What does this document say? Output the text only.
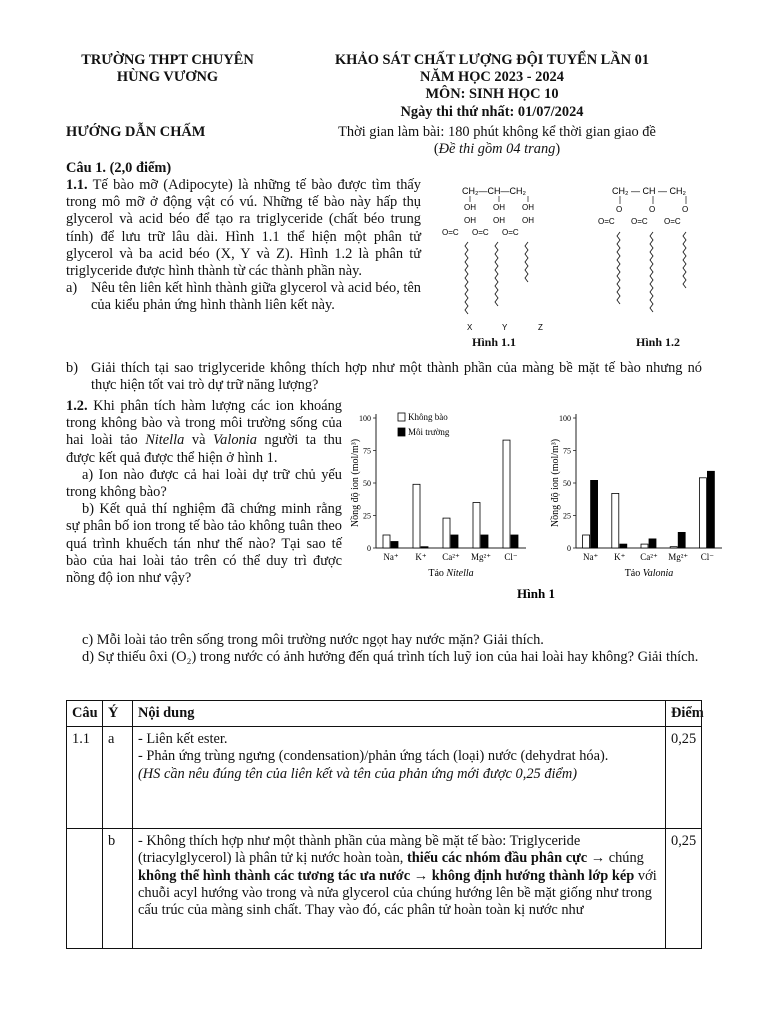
TRƯỜNG THPT CHUYÊN

HÙNG VƯƠNG

KHẢO SÁT CHẤT LƯỢNG ĐỘI TUYỂN LẦN 01

NĂM HỌC 2023 - 2024

MÔN: SINH HỌC 10

Ngày thi thứ nhất: 01/07/2024

HƯỚNG DẪN CHẤM	Thời gian làm bài: 180 phút không kể thời gian giao đề

(Đề thi gồm 04 trang)

Câu 1. (2,0 điểm)

1.1. Tế bào mỡ (Adipocyte) là những tế bào được tìm thấy trong mô mỡ ở động vật có vú. Những tế bào này hấp thụ glycerol và acid béo để tạo ra triglyceride (chất béo trung tính) để lưu trữ lâu dài. Hình 1.1 thể hiện một phân tử glycerol và ba acid béo (X, Y và Z). Hình 1.2 là phân tử triglyceride được hình thành từ các thành phần này.

a) Nêu tên liên kết hình thành giữa glycerol và acid béo, tên của kiểu phản ứng hình thành liên kết này.
b) Giải thích tại sao triglyceride không thích hợp như một thành phần của màng bề mặt tế bào nhưng nó thực hiện tốt vai trò dự trữ năng lượng?
CH₂—CH—CH₂
OH OH OH
OH OH OH
O=C O=C O=C
X	Y	Z
CH₂ — CH — CH₂
O	O	O
O=C O=C O=C
Hình 1.1	Hình 1.2

1.2. Khi phân tích hàm lượng các ion khoáng trong không bào và trong môi trường sống của hai loài tảo Nitella và Valonia người ta thu được kết quả được thể hiện ở hình 1.

a) Ion nào được cả hai loài dự trữ chủ yếu trong không bào?

b) Kết quả thí nghiệm đã chứng minh rằng sự phân bố ion trong tế bào tảo không tuân theo quá trình khuếch tán như thế nào? Tại sao tế bào của hai loài tảo trên có thể duy trì được nồng độ ion như vậy?

c) Mỗi loài tảo trên sống trong môi trường nước ngọt hay nước mặn? Giải thích.

d) Sự thiếu ôxi (O₂) trong nước có ảnh hưởng đến quá trình tích luỹ ion của hai loài hay không? Giải thích.

0
25
50
75
100
Nồng độ ion (mol/m³)
Na⁺ K⁺ Ca²⁺ Mg²⁺ Cl⁻
Tảo Nitella
0
25
50
75
100
Nồng độ ion (mol/m³)
Na⁺ K⁺ Ca²⁺ Mg²⁺ Cl⁻
Tảo Valonia
Không bào
Môi trường
Hình 1
Câu	Ý	Nội dung	Điểm
1.1	a	- Liên kết ester.

- Phản ứng trùng ngưng (condensation)/phản ứng tách (loại) nước (dehydrat hóa).

(HS cần nêu đúng tên của liên kết và tên của phản ứng mới được 0,25 điểm)	0,25
	b	- Không thích hợp như một thành phần của màng bề mặt tế bào: Triglyceride (triacylglycerol) là phân tử kị nước hoàn toàn, thiếu các nhóm đầu phân cực → chúng không thể hình thành các tương tác ưa nước → không định hướng thành lớp kép với chuỗi acyl hướng vào trong và nửa glycerol của chúng hướng lên bề mặt giống như trong cấu trúc của màng sinh chất. Thay vào đó, các phân tử hoàn toàn kị nước như	0,25
